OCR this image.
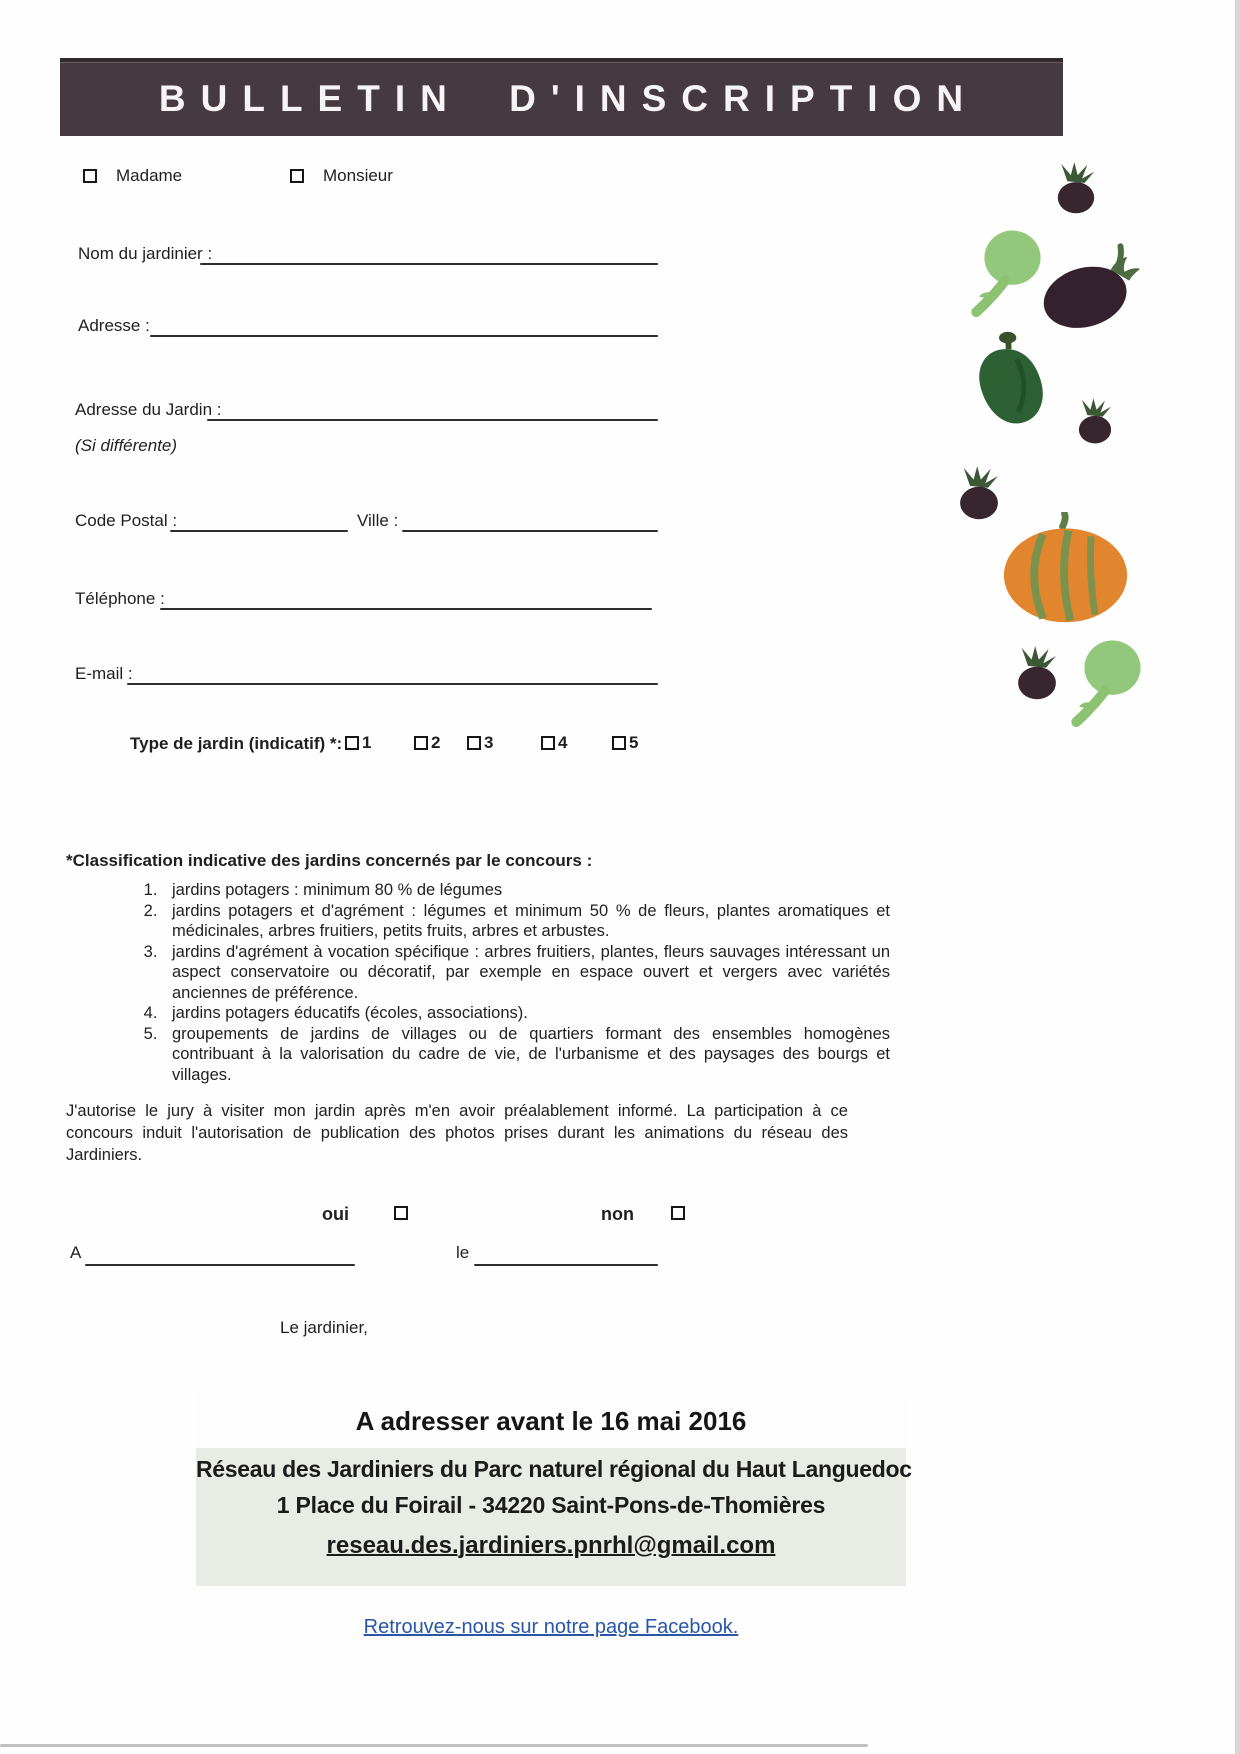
BULLETIN D'INSCRIPTION
Madame	Monsieur
Nom du jardinier :
Adresse :
Adresse du Jardin :
(Si différente)
Code Postal :	Ville :
Téléphone :
E-mail :
Type de jardin (indicatif) *: 1	2	3	4	5
*Classification indicative des jardins concernés par le concours :
1. jardins potagers : minimum 80 % de légumes
2. jardins potagers et d'agrément : légumes et minimum 50 % de fleurs, plantes aromatiques et médicinales, arbres fruitiers, petits fruits, arbres et arbustes.
3. jardins d'agrément à vocation spécifique : arbres fruitiers, plantes, fleurs sauvages intéressant un aspect conservatoire ou décoratif, par exemple en espace ouvert et vergers avec variétés anciennes de préférence.
4. jardins potagers éducatifs (écoles, associations).
5. groupements de jardins de villages ou de quartiers formant des ensembles homogènes contribuant à la valorisation du cadre de vie, de l'urbanisme et des paysages des bourgs et villages.

J'autorise le jury à visiter mon jardin après m'en avoir préalablement informé. La participation à ce concours induit l'autorisation de publication des photos prises durant les animations du réseau des Jardiniers.

oui	non
A	le
Le jardinier,
A adresser avant le 16 mai 2016
Réseau des Jardiniers du Parc naturel régional du Haut Languedoc
1 Place du Foirail - 34220 Saint-Pons-de-Thomières
reseau.des.jardiniers.pnrhl@gmail.com
Retrouvez-nous sur notre page Facebook.
